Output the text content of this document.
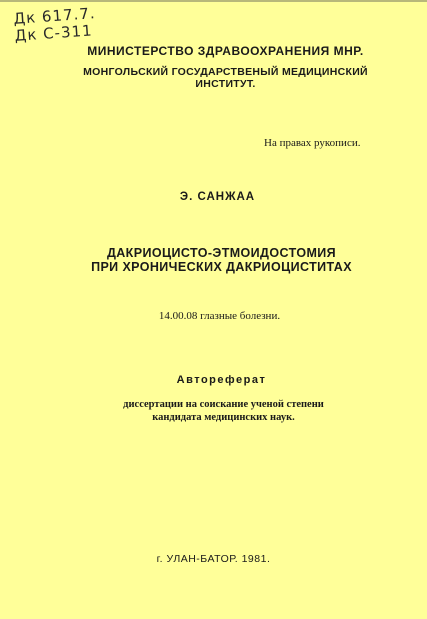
Дк 617.7.
Дк С-311
МИНИСТЕРСТВО ЗДРАВООХРАНЕНИЯ МНР.
МОНГОЛЬСКИЙ ГОСУДАРСТВЕНЫЙ МЕДИЦИНСКИЙ
ИНСТИТУТ.
На правах рукописи.
Э. САНЖАА
ДАКРИОЦИСТО-ЭТМОИДОСТОМИЯ
ПРИ ХРОНИЧЕСКИХ ДАКРИОЦИСТИТАХ
14.00.08 глазные болезни.
Автореферат
диссертации на соискание ученой степени
кандидата медицинских наук.
г. УЛАН-БАТОР. 1981.
